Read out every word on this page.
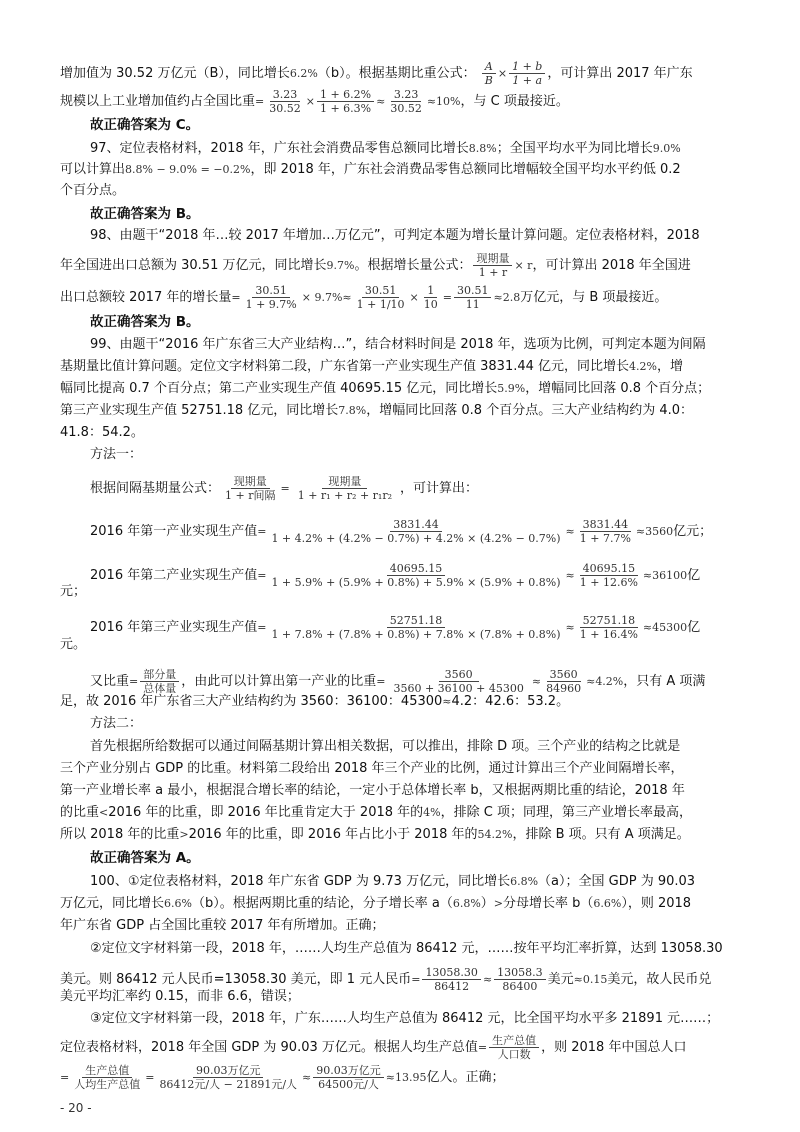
增加值为 30.52 万亿元（B），同比增长6.2%（b）。根据基期比重公式： $\frac{A}{B} \times \frac{1 + b}{1 + a}$ ，可计算出 2017 年广东
规模以上工业增加值约占全国比重= $\frac{3.23}{30.52} \times \frac{1 + 6.2\%}{1 + 6.3\%} \approx \frac{3.23}{30.52} \approx 10\%$，与 C 项最接近。
故正确答案为 C。
97、定位表格材料，2018 年，广东社会消费品零售总额同比增长8.8%；全国平均水平为同比增长9.0%
可以计算出8.8% − 9.0% = −0.2%，即 2018 年，广东社会消费品零售总额同比增幅较全国平均水平约低 0.2
个百分点。
故正确答案为 B。
98、由题干“2018 年…较 2017 年增加…万亿元”，可判定本题为增长量计算问题。定位表格材料，2018
年全国进出口总额为 30.51 万亿元，同比增长9.7%。根据增长量公式： 现期量
1 + r
× r，可计算出 2018 年全国进
出口总额较 2017 年的增长量= $\frac{30.51}{1 + 9.7\%} \times 9.7\%\approx \frac{30.51}{1 + 1/10} \times \frac{1}{10} = \frac{30.51}{11} \approx 2.8$万亿元，与 B 项最接近。
故正确答案为 B。
99、由题干“2016 年广东省三大产业结构…”，结合材料时间是 2018 年，选项为比例，可判定本题为间隔
基期量比值计算问题。定位文字材料第二段，广东省第一产业实现生产值 3831.44 亿元，同比增长4.2%，增
幅同比提高 0.7 个百分点；第二产业实现生产值 40695.15 亿元，同比增长5.9%，增幅同比回落 0.8 个百分点；
第三产业实现生产值 52751.18 亿元，同比增长7.8%，增幅同比回落 0.8 个百分点。三大产业结构约为 4.0：
41.8：54.2。
方法一：
根据间隔基期量公式： 现期量
1 + r间隔
=
现期量
1 + r₁ + r₂ + r₁r₂ ，可计算出：
2016 年第一产业实现生产值= $\frac{3831.44}{1 + 4.2\% + (4.2\% - 0.7\%) + 4.2\% \times (4.2\% - 0.7\%)} \approx \frac{3831.44}{1 + 7.7\%} \approx 3560$亿元；
2016 年第二产业实现生产值= $\frac{40695.15}{1 + 5.9\% + (5.9\% + 0.8\%) + 5.9\% \times (5.9\% + 0.8\%)} \approx \frac{40695.15}{1 + 12.6\%} \approx 36100$亿
元；
2016 年第三产业实现生产值= $\frac{52751.18}{1 + 7.8\% + (7.8\% + 0.8\%) + 7.8\% \times (7.8\% + 0.8\%)} \approx \frac{52751.18}{1 + 16.4\%} \approx 45300$亿
元。
又比重=
部分量
总体量 ，由此可以计算出第一产业的比重= $\frac{3560}{3560 + 36100 + 45300} \approx \frac{3560}{84960} \approx 4.2\%$，只有 A 项满
足，故 2016 年广东省三大产业结构约为 3560：36100：45300≈4.2：42.6：53.2。
方法二：
首先根据所给数据可以通过间隔基期计算出相关数据，可以推出，排除 D 项。三个产业的结构之比就是
三个产业分别占 GDP 的比重。材料第二段给出 2018 年三个产业的比例，通过计算出三个产业间隔增长率，
第一产业增长率 a 最小，根据混合增长率的结论，一定小于总体增长率 b，又根据两期比重的结论，2018 年
的比重<2016 年的比重，即 2016 年比重肯定大于 2018 年的4%，排除 C 项；同理，第三产业增长率最高，
所以 2018 年的比重>2016 年的比重，即 2016 年占比小于 2018 年的54.2%，排除 B 项。只有 A 项满足。
故正确答案为 A。
100、①定位表格材料，2018 年广东省 GDP 为 9.73 万亿元，同比增长6.8%（a）；全国 GDP 为 90.03
万亿元，同比增长6.6%（b）。根据两期比重的结论，分子增长率 a（6.8%）>分母增长率 b（6.6%），则 2018
年广东省 GDP 占全国比重较 2017 年有所增加。正确；
②定位文字材料第一段，2018 年，……人均生产总值为 86412 元，……按年平均汇率折算，达到 13058.30
美元。则 86412 元人民币=13058.30 美元，即 1 元人民币= $\frac{13058.30}{86412} \approx \frac{13058.3}{86400}$ 美元≈0.15美元，故人民币兑
美元平均汇率约 0.15，而非 6.6，错误；
③定位文字材料第一段，2018 年，广东……人均生产总值为 86412 元，比全国平均水平多 21891 元……；
定位表格材料，2018 年全国 GDP 为 90.03 万亿元。根据人均生产总值=
生产总值
人口数 ，则 2018 年中国总人口
=
生产总值
人均生产总值
=
90.03万亿元
86412元/人 − 21891元/人
≈
90.03万亿元
64500元/人
≈13.95亿人。正确；
- 20 -
